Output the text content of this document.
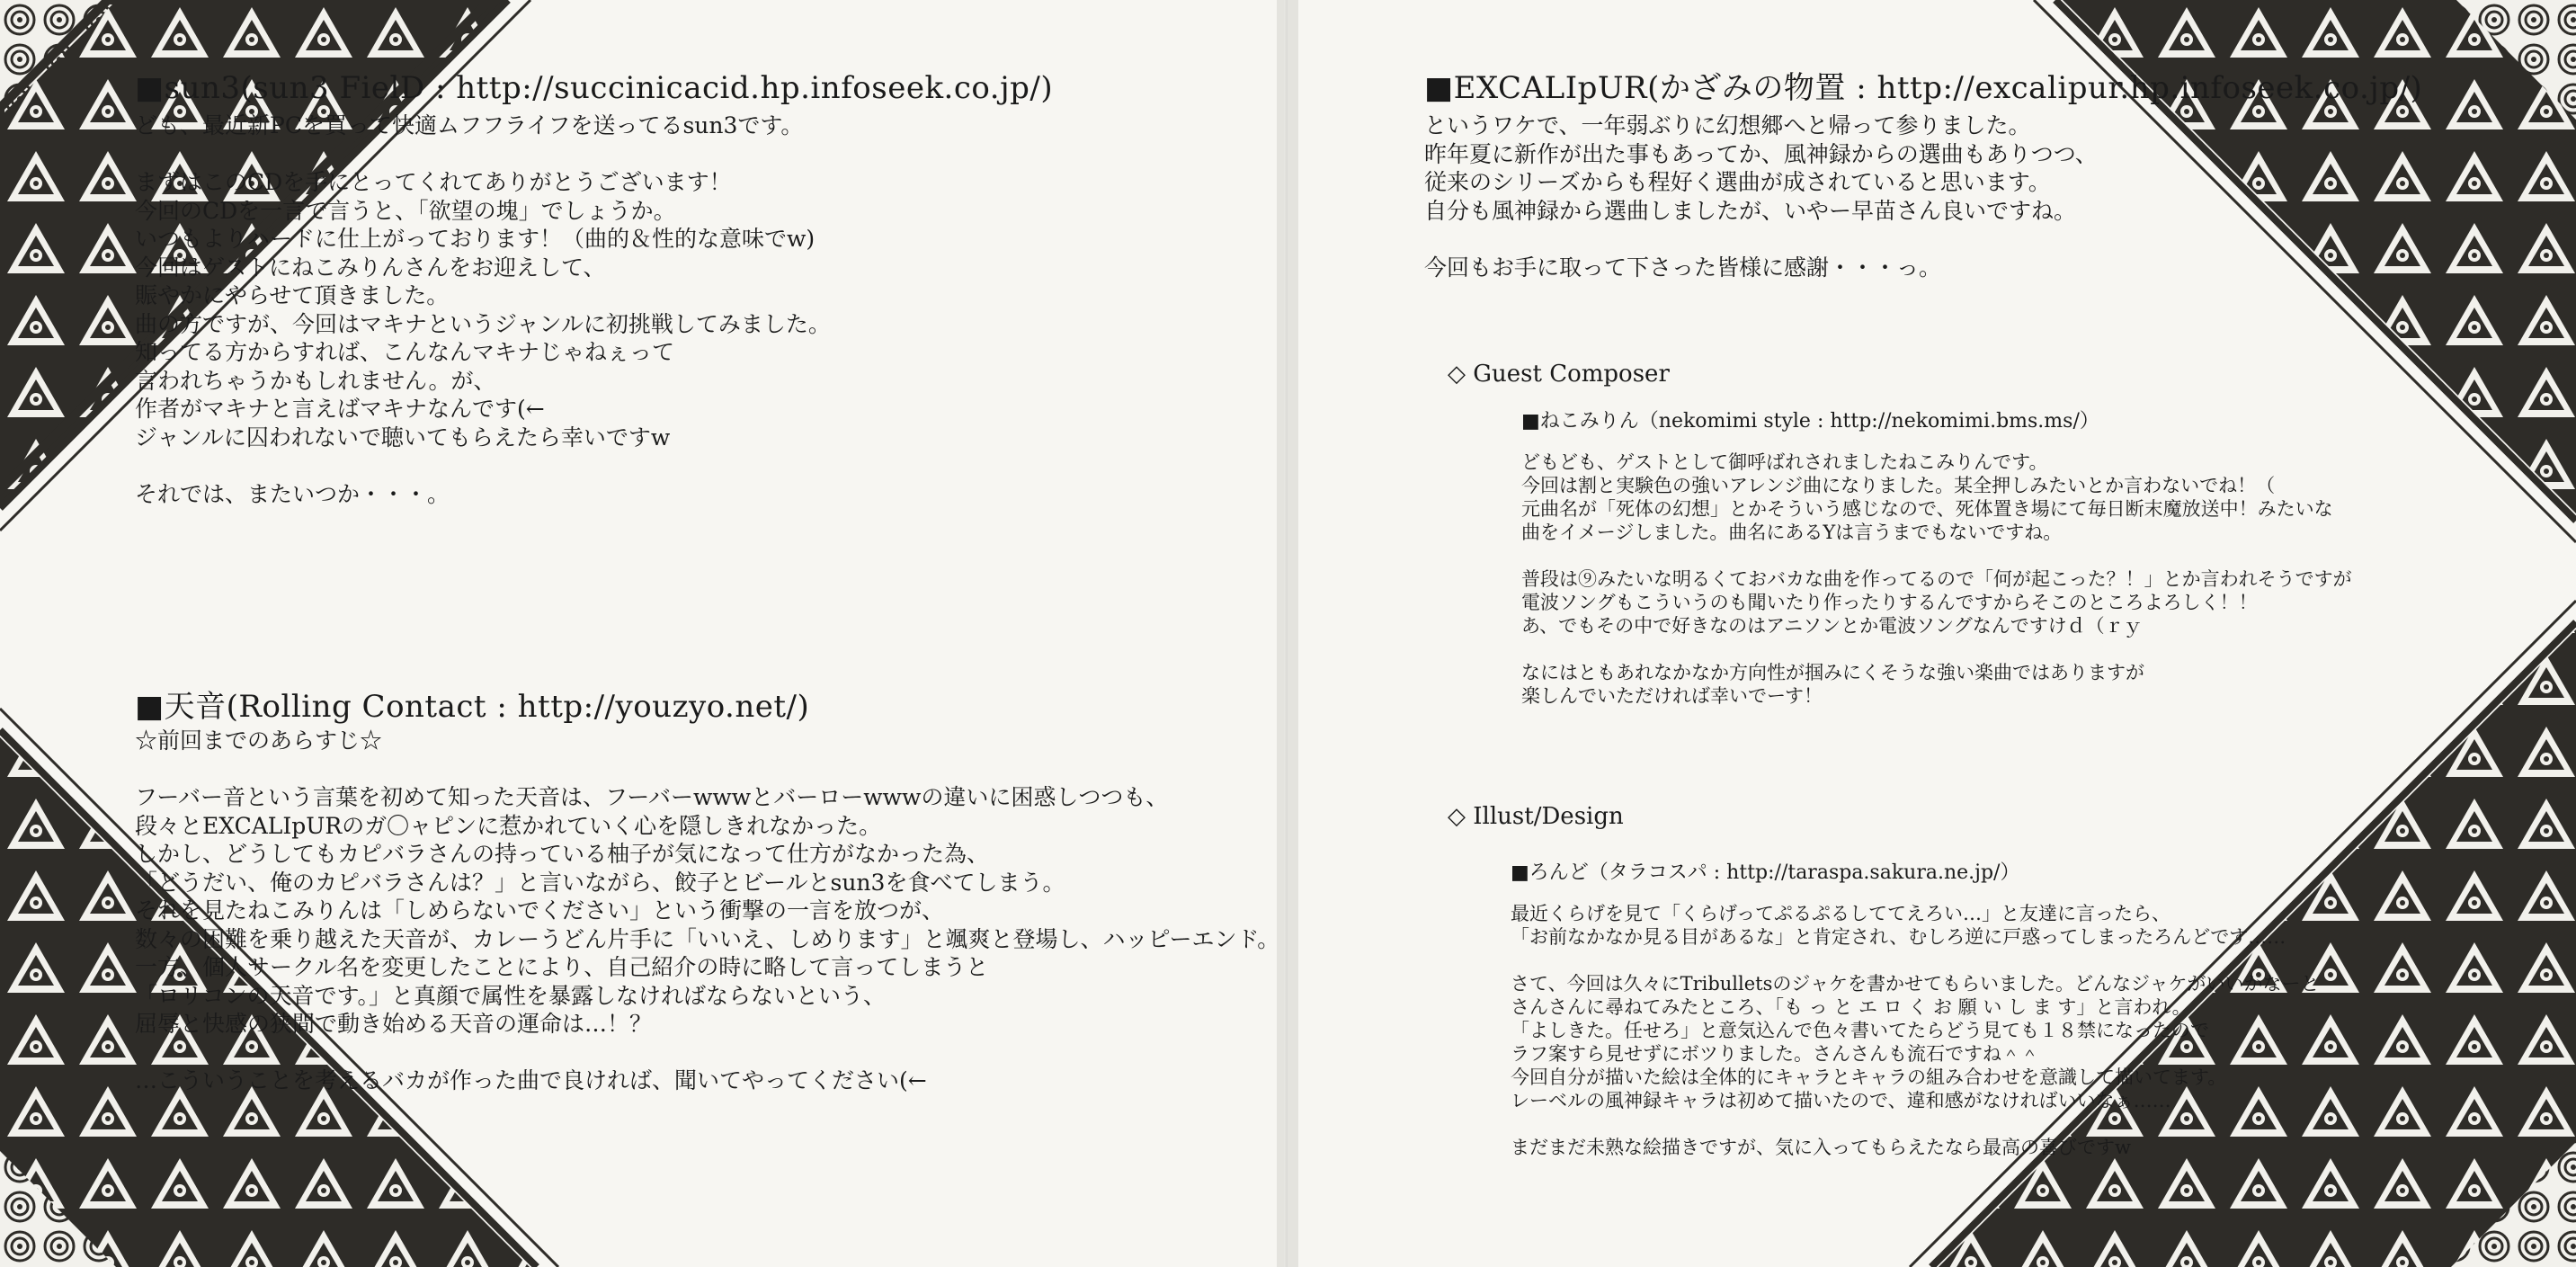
■sun3(sun3 FielD : http://succinicacid.hp.infoseek.co.jp/)
ども、最近新PCを買って快適ムフフライフを送ってるsun3です。
まずはこのCDを手にとってくれてありがとうございます！
今回のCDを一言で言うと、「欲望の塊」でしょうか。
いつもよりハードに仕上がっております！（曲的＆性的な意味でw)
今回はゲストにねこみりんさんをお迎えして、
賑やかにやらせて頂きました。
曲の方ですが、今回はマキナというジャンルに初挑戦してみました。
知ってる方からすれば、こんなんマキナじゃねぇって
言われちゃうかもしれません。が、
作者がマキナと言えばマキナなんです(←
ジャンルに囚われないで聴いてもらえたら幸いですw
それでは、またいつか・・・。
■天音(Rolling Contact : http://youzyo.net/)
☆前回までのあらすじ☆
フーバー音という言葉を初めて知った天音は、フーバーwwwとバーローwwwの違いに困惑しつつも、
段々とEXCALIpURのガ〇ャピンに惹かれていく心を隠しきれなかった。
しかし、どうしてもカピバラさんの持っている柚子が気になって仕方がなかった為、
「どうだい、俺のカピバラさんは？」と言いながら、餃子とビールとsun3を食べてしまう。
それを見たねこみりんは「しめらないでください」という衝撃の一言を放つが、
数々の困難を乗り越えた天音が、カレーうどん片手に「いいえ、しめります」と颯爽と登場し、ハッピーエンド。
一方、個人サークル名を変更したことにより、自己紹介の時に略して言ってしまうと
「ロリコンの天音です。」と真顔で属性を暴露しなければならないという、
屈辱と快感の狭間で動き始める天音の運命は…！？
…こういうことを考えるバカが作った曲で良ければ、聞いてやってください(←
■EXCALIpUR(かざみの物置 : http://excalipur.hp.infoseek.co.jp/)
というワケで、一年弱ぶりに幻想郷へと帰って参りました。
昨年夏に新作が出た事もあってか、風神録からの選曲もありつつ、
従来のシリーズからも程好く選曲が成されていると思います。
自分も風神録から選曲しましたが、いやー早苗さん良いですね。
今回もお手に取って下さった皆様に感謝・・・っ。
◇ Guest Composer
■ねこみりん（nekomimi style : http://nekomimi.bms.ms/）
どもども、ゲストとして御呼ばれされましたねこみりんです。
今回は割と実験色の強いアレンジ曲になりました。某全押しみたいとか言わないでね！（
元曲名が「死体の幻想」とかそういう感じなので、死体置き場にて毎日断末魔放送中！みたいな
曲をイメージしました。曲名にあるYは言うまでもないですね。
普段は⑨みたいな明るくておバカな曲を作ってるので「何が起こった？！」とか言われそうですが
電波ソングもこういうのも聞いたり作ったりするんですからそこのところよろしく！！
あ、でもその中で好きなのはアニソンとか電波ソングなんですけｄ（ｒｙ
なにはともあれなかなか方向性が掴みにくそうな強い楽曲ではありますが
楽しんでいただければ幸いでーす！
◇ Illust/Design
■ろんど（タラコスパ : http://taraspa.sakura.ne.jp/）
最近くらげを見て「くらげってぷるぷるしててえろい…」と友達に言ったら、
「お前なかなか見る目があるな」と肯定され、むしろ逆に戸惑ってしまったろんどです……
さて、今回は久々にTribulletsのジャケを書かせてもらいました。どんなジャケがいいかなーと
さんさんに尋ねてみたところ、「も っ と エ ロ く お 願 い し ま す」と言われ。
「よしきた。任せろ」と意気込んで色々書いてたらどう見ても１８禁になったので
ラフ案すら見せずにボツりました。さんさんも流石ですね＾＾
今回自分が描いた絵は全体的にキャラとキャラの組み合わせを意識して描いてます。
レーベルの風神録キャラは初めて描いたので、違和感がなければいいなぁ……
まだまだ未熟な絵描きですが、気に入ってもらえたなら最高の喜びですw
